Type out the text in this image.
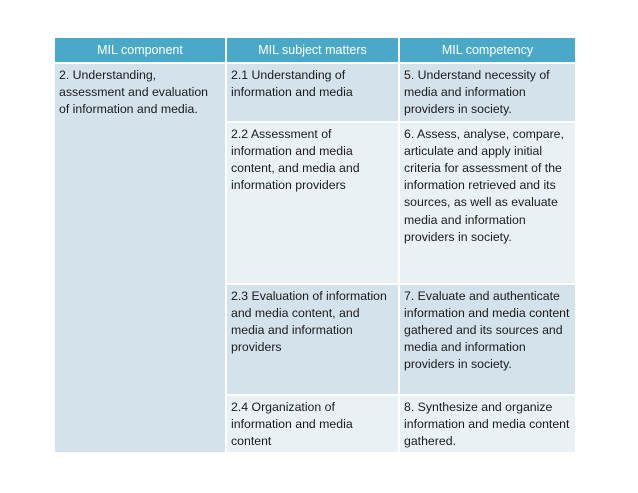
MIL component	MIL subject matters	MIL competency
2. Understanding, assessment and evaluation of information and media.	2.1 Understanding of information and media	5. Understand necessity of media and information providers in society.
	2.2 Assessment of information and media content, and media and information providers	6. Assess, analyse, compare, articulate and apply initial criteria for assessment of the information retrieved and its sources, as well as evaluate media and information providers in society.
	2.3 Evaluation of information and media content, and media and information providers	7. Evaluate and authenticate information and media content gathered and its sources and media and information providers in society.
	2.4 Organization of information and media content	8. Synthesize and organize information and media content gathered.
